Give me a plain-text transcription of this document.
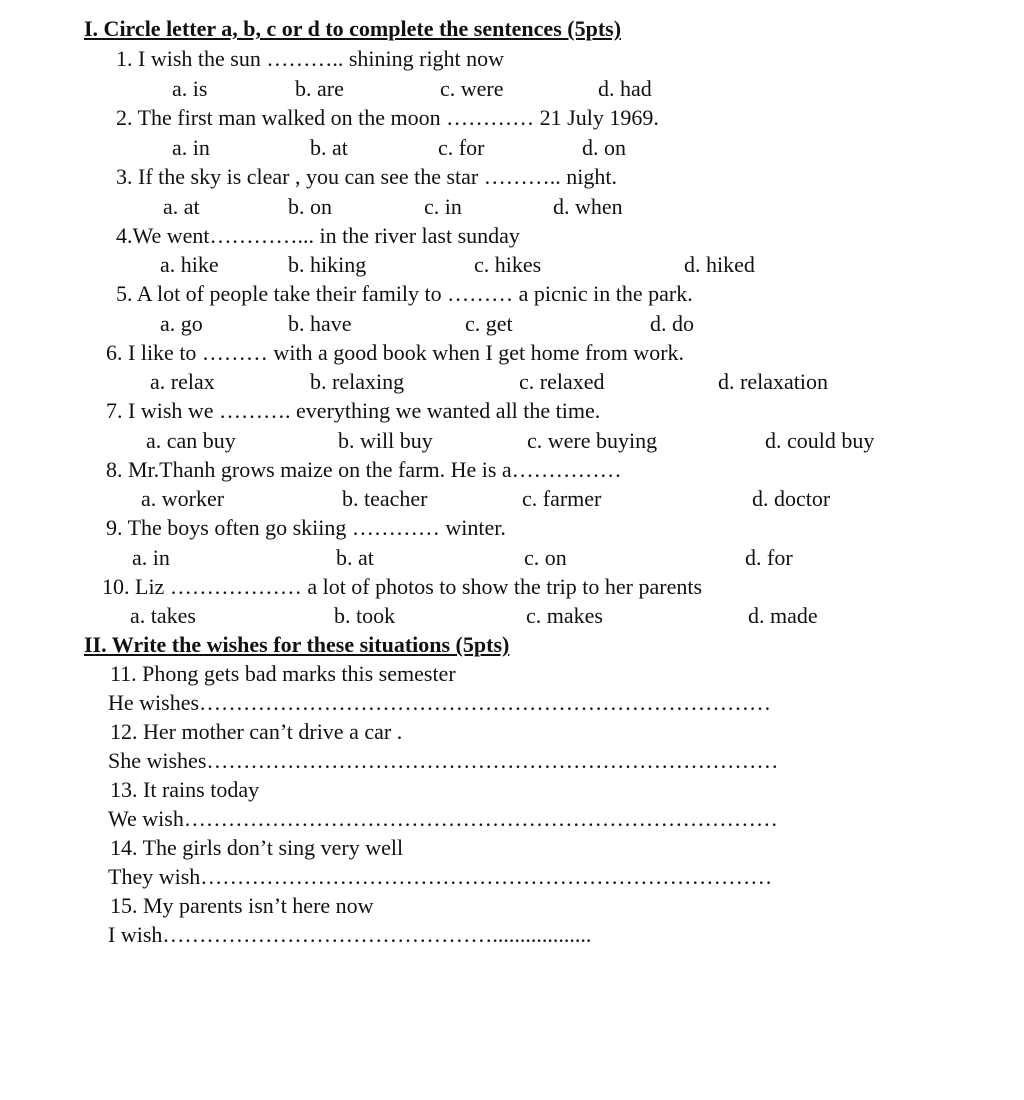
I. Circle letter a, b, c or d to complete the sentences (5pts)
1. I wish the sun ……….. shining right now
a. is	b. are	c. were	d. had
2. The first man walked on the moon ………… 21 July 1969.
a. in	b. at	c. for	d. on
3. If the sky is clear , you can see the star ……….. night.
a. at	b. on	c. in	d. when
4.We went…………... in the river last sunday
a. hike	b. hiking	c. hikes	d. hiked
5. A lot of people take their family to ……… a picnic in the park.
a. go	b. have	c. get	d. do
6. I like to ……… with a good book when I get home from work.
a. relax	b. relaxing	c. relaxed	d. relaxation
7. I wish we ………. everything we wanted all the time.
a. can buy	b. will buy	c. were buying	d. could buy
8. Mr.Thanh grows maize on the farm. He is a……………
a. worker	b. teacher	c. farmer	d. doctor
9. The boys often go skiing ………… winter.
a. in	b. at	c. on	d. for
10. Liz ……………… a lot of photos to show the trip to her parents
a. takes	b. took	c. makes	d. made
II. Write the wishes for these situations (5pts)
11. Phong gets bad marks this semester
He wishes……………………………………………………………………
12. Her mother can’t drive a car .
She wishes……………………………………………………………………
13. It rains today
We wish………………………………………………………………………
14. The girls don’t sing very well
They wish……………………………………………………………………
15. My parents isn’t here now
I wish………………………………………..................
